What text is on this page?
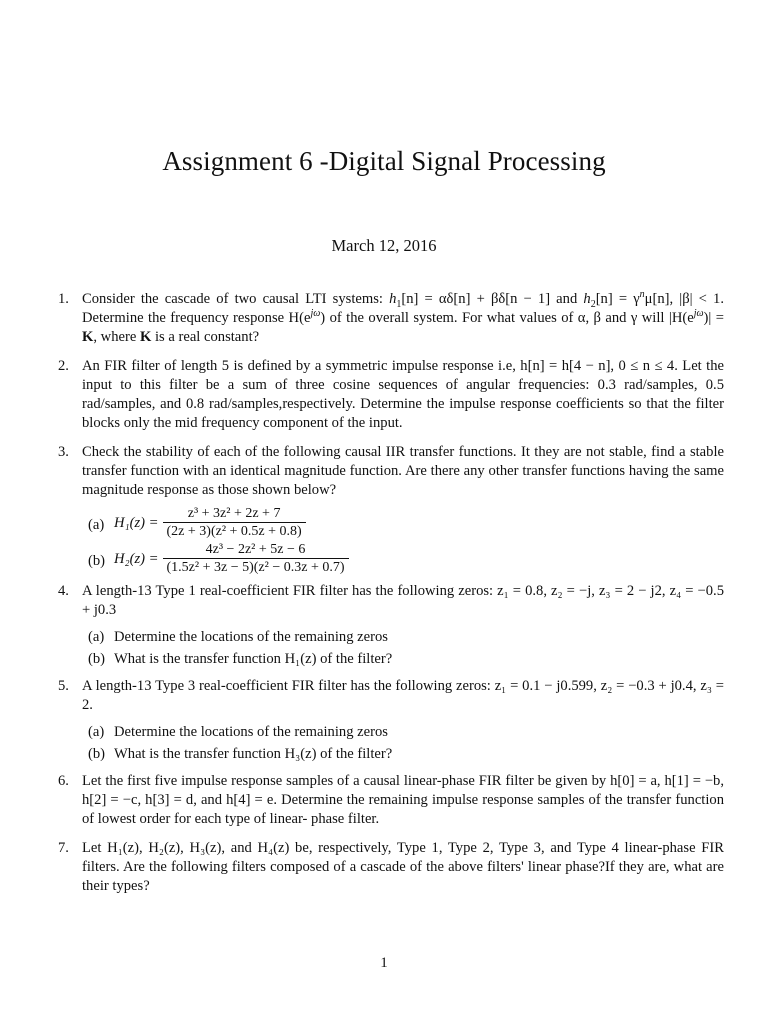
Assignment 6 -Digital Signal Processing
March 12, 2016
1. Consider the cascade of two causal LTI systems: $h_1[n] = \alpha\delta[n] + \beta\delta[n - 1]$ and $h_2[n] = \gamma^n\mu[n]$, |β| < 1. Determine the frequency response $H(e^{j\omega})$ of the overall system. For what values of α, β and γ will $|H(e^{j\omega})| = K$, where K is a real constant?

2. An FIR filter of length 5 is defined by a symmetric impulse response i.e, h[n] = h[4 − n], 0 ≤ n ≤ 4. Let the input to this filter be a sum of three cosine sequences of angular frequencies: 0.3 rad/samples, 0.5 rad/samples, and 0.8 rad/samples,respectively. Determine the impulse response coefficients so that the filter blocks only the mid frequency component of the input.

3. Check the stability of each of the following causal IIR transfer functions. It they are not stable, find a stable transfer function with an identical magnitude function. Are there any other transfer functions having the same magnitude response as those shown below?

(a) $H_1(z) = \frac{\text{z³ + 3z² + 2z + 7}}{\text{(2z + 3)(z² + 0.5z + 0.8)}}$
(b) $H_2(z) = \frac{\text{4z³ − 2z² + 5z − 6}}{\text{(1.5z² + 3z − 5)(z² − 0.3z + 0.7)}}$
4. A length-13 Type 1 real-coefficient FIR filter has the following zeros: z₁ = 0.8, z₂ = −j, z₃ = 2 − j2, z₄ = −0.5 + j0.3

(a) Determine the locations of the remaining zeros
(b) What is the transfer function H₁(z) of the filter?
5. A length-13 Type 3 real-coefficient FIR filter has the following zeros: z₁ = 0.1 − j0.599, z₂ = −0.3 + j0.4, z₃ = 2.

(a) Determine the locations of the remaining zeros
(b) What is the transfer function H₃(z) of the filter?
6. Let the first five impulse response samples of a causal linear-phase FIR filter be given by h[0] = a, h[1] = −b, h[2] = −c, h[3] = d, and h[4] = e. Determine the remaining impulse response samples of the transfer function of lowest order for each type of linear- phase filter.

7. Let H₁(z), H₂(z), H₃(z), and H₄(z) be, respectively, Type 1, Type 2, Type 3, and Type 4 linear-phase FIR filters. Are the following filters composed of a cascade of the above filters' linear phase?If they are, what are their types?

1
